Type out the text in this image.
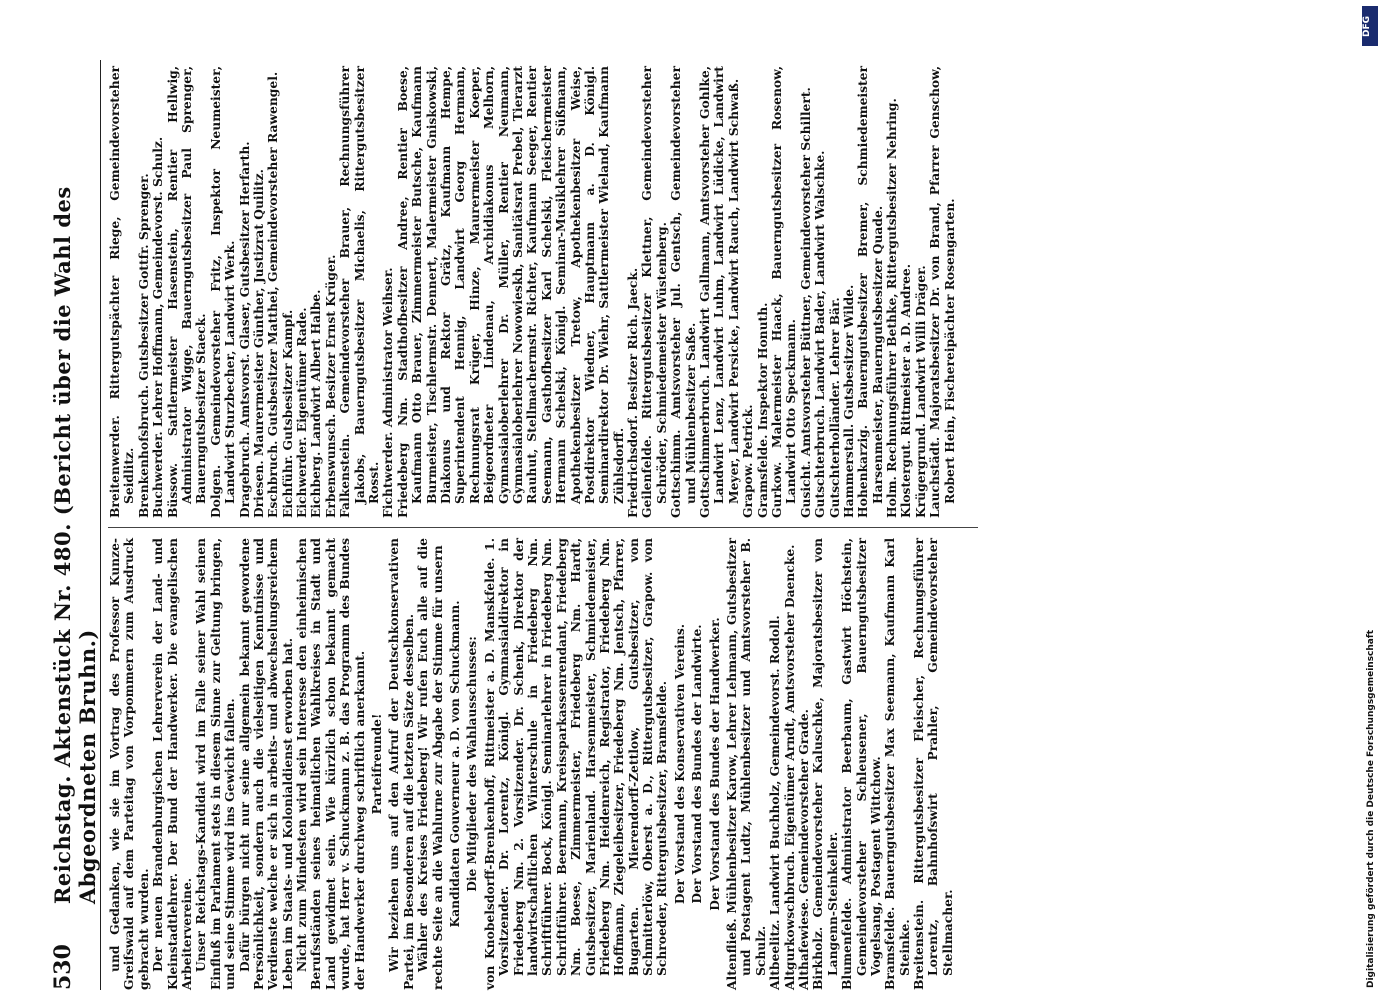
530
Reichstag. Aktenstück Nr. 480. (Bericht über die Wahl des Abgeordneten Bruhn.) und Gedanken, wie sie im Vortrag des Professor Kunze-Greifswald auf dem Parteitag von Vorpommern zum Ausdruck gebracht wurden. Der neuen Brandenburgischen Lehrerverein der Land- und Kleinstadtlehrer. Der Bund der Handwerker. Die evangelischen Arbeitervereine. Unser Reichstags-Kandidat wird im Falle seiner Wahl seinen Einfluß im Parlament stets in diesem Sinne zur Geltung bringen, und seine Stimme wird ins Gewicht fallen. Dafür bürgen nicht nur seine allgemein bekannt gewordene Persönlichkeit, sondern auch die vielseitigen Kenntnisse und Verdienste welche er sich in arbeits- und abwechselungsreichem Leben im Staats- und Kolonialdienst erworben hat. Nicht zum Mindesten wird sein Interesse den einheimischen Berufsständen seines heimatlichen Wahlkreises in Stadt und Land gewidmet sein. Wie kürzlich schon bekannt gemacht wurde, hat Herr v. Schuckmann z. B. das Programm des Bundes der Handwerker durchweg schriftlich anerkannt. Parteifreunde! Wir beziehen uns auf den Aufruf der Deutschkonservativen Partei, im Besonderen auf die letzten Sätze desselben. Wähler des Kreises Friedeberg! Wir rufen Euch alle auf die rechte Seite an die Wahlurne zur Abgabe der Stimme für unsern Kandidaten Gouverneur a. D. von Schuckmann. Die Mitglieder des Wahlausschusses: von Knobelsdorff-Brenkenhoff, Rittmeister a. D. Manskfelde. 1. Vorsitzender. Dr. Lorentz, Königl. Gymnasialdirektor in Friedeberg Nm. 2. Vorsitzender. Dr. Schenk, Direktor der landwirtschaftlichen Winterschule in Friedeberg Nm. Schriftführer. Bock, Königl. Seminarlehrer in Friedeberg Nm. Schriftführer. Beermann, Kreissparkassenrendant, Friedeberg Nm. Boese, Zimmermeister, Friedeberg Nm. Hardt, Gutsbesitzer, Marienland. Harsenmeister, Schmiedemeister, Friedeberg Nm. Heidenreich, Registrator, Friedeberg Nm. Hoffmann, Ziegeleibesitzer, Friedeberg Nm. Jentsch, Pfarrer, Bugarten. Mierendorff-Zettlow, Gutsbesitzer, von Schmitterlöw, Oberst a. D., Rittergutsbesitzer, Grapow. von Schroeder, Rittergutsbesitzer, Bramsfelde. Der Vorstand des Konservativen Vereins. Der Vorstand des Bundes der Landwirte. Der Vorstand des Bundes der Handwerker. Altenfließ. Mühlenbesitzer Karow, Lehrer Lehmann, Gutsbesitzer und Postagent Ludtz, Mühlenbesitzer und Amtsvorsteher B. Schulz. Altbeelitz. Landwirt Buchholz, Gemeindevorst. Rodoll. Altgurkowschbruch. Eigentümer Arndt, Amtsvorsteher Daencke. Althafewiese. Gemeindevorsteher Grade. Birkholz. Gemeindevorsteher Kaluschke, Majoratsbesitzer von Langenn-Steinkeller. Blumenfelde. Administrator Beerbaum, Gastwirt Höchstein, Gemeindevorsteher Schleusener, Bauerngutsbesitzer Vogelsang, Postagent Wittchow. Bramsfelde. Bauerngutsbesitzer Max Seemann, Kaufmann Karl Steinke. Breitenstein. Rittergutsbesitzer Fleischer, Rechnungsführer Lorentz, Bahnhofswirt Prahler, Gemeindevorsteher Stellmacher.

Breitenwerder. Rittergutspächter Riege, Gemeindevorsteher Seidlitz. Brenkenhofsbruch. Gutsbesitzer Gottfr. Sprenger. Buchwerder. Lehrer Hoffmann, Gemeindevorst. Schulz. Büssow. Sattlermeister Hasenstein, Rentier Hellwig, Administrator Wigge, Bauerngutsbesitzer Paul Sprenger, Bauerngutsbesitzer Staeck. Dolgen. Gemeindevorsteher Fritz, Inspektor Neumeister, Landwirt Sturzbecher, Landwirt Werk. Dragebruch. Amtsvorst. Glaser, Gutsbesitzer Herfarth. Driesen. Maurermeister Günther, Justizrat Quilitz. Eschbruch. Gutsbesitzer Matthei, Gemeindevorsteher Rawengel. Eichführ. Gutsbesitzer Kampf. Eichwerder. Eigentümer Rade. Eichberg. Landwirt Albert Halbe. Erbenswunsch. Besitzer Ernst Krüger. Falkenstein. Gemeindevorsteher Brauer, Rechnungsführer Jakobs, Bauerngutsbesitzer Michaelis, Rittergutsbesitzer Rosst. Fichtwerder. Administrator Weihser. Friedeberg Nm. Stadthofbesitzer Andree, Rentier Boese, Kaufmann Otto Brauer, Zimmermeister Butsche, Kaufmann Burmeister, Tischlermstr. Dennert, Malermeister Gniskowski, Diakonus und Rektor Grätz, Kaufmann Hempe, Superintendent Hennig, Landwirt Georg Hermann, Rechnungsrat Krüger, Hinze, Maurermeister Koeper, Beigeordneter Lindenau, Archidiakonus Melhorn, Gymnasialoberlehrer Dr. Müller, Rentier Neumann, Gymnasialoberlehrer Nowowieskh, Sanitätsrat Prebel, Tierarzt Rauhut, Stellmachermstr. Richter, Kaufmann Seeger, Rentier Seemann, Gasthofbesitzer Karl Schelski, Fleischermeister Hermann Schelski, Königl. Seminar-Musiklehrer Süßmann, Apothekenbesitzer Tretow, Apothekenbesitzer Weise, Postdirektor Wiedner, Hauptmann a. D. Königl. Seminardirektor Dr. Wiehr, Sattlermeister Wieland, Kaufmann Zühlsdorff. Friedrichsdorf. Besitzer Rich. Jaeck. Geilenfelde. Rittergutsbesitzer Klettner, Gemeindevorsteher Schröder, Schmiedemeister Wüstenberg. Gottschimm. Amtsvorsteher Jul. Gentsch, Gemeindevorsteher und Mühlenbesitzer Saße. Gottschimmerbruch. Landwirt Gallmann, Amtsvorsteher Gohlke, Landwirt Lenz, Landwirt Luhm, Landwirt Lüdicke, Landwirt Meyer, Landwirt Persicke, Landwirt Rauch, Landwirt Schwaß. Grapow. Petrick. Gramsfelde. Inspektor Honuth. Gurkow. Malermeister Haack, Bauerngutsbesitzer Rosenow, Landwirt Otto Speckmann. Gusicht. Amtsvorsteher Büttner, Gemeindevorsteher Schillert. Gutschterbruch. Landwirt Bader, Landwirt Walschke. Gutschterholländer. Lehrer Bär. Hammerstall. Gutsbesitzer Wilde. Hohenkarzig. Bauerngutsbesitzer Bremer, Schmiedemeister Harsenmeister, Bauerngutsbesitzer Quade. Holm. Rechnungsführer Bethke, Rittergutsbesitzer Nehring. Klostergut. Rittmeister a. D. Andree. Krügergrund. Landwirt Willi Dräger. Lauchstädt. Majoratsbesitzer Dr. von Brand, Pfarrer Genschow, Robert Hein, Fischereipächter Rosengarten.

DFG
Digitalisierung gefördert durch die Deutsche Forschungsgemeinschaft
